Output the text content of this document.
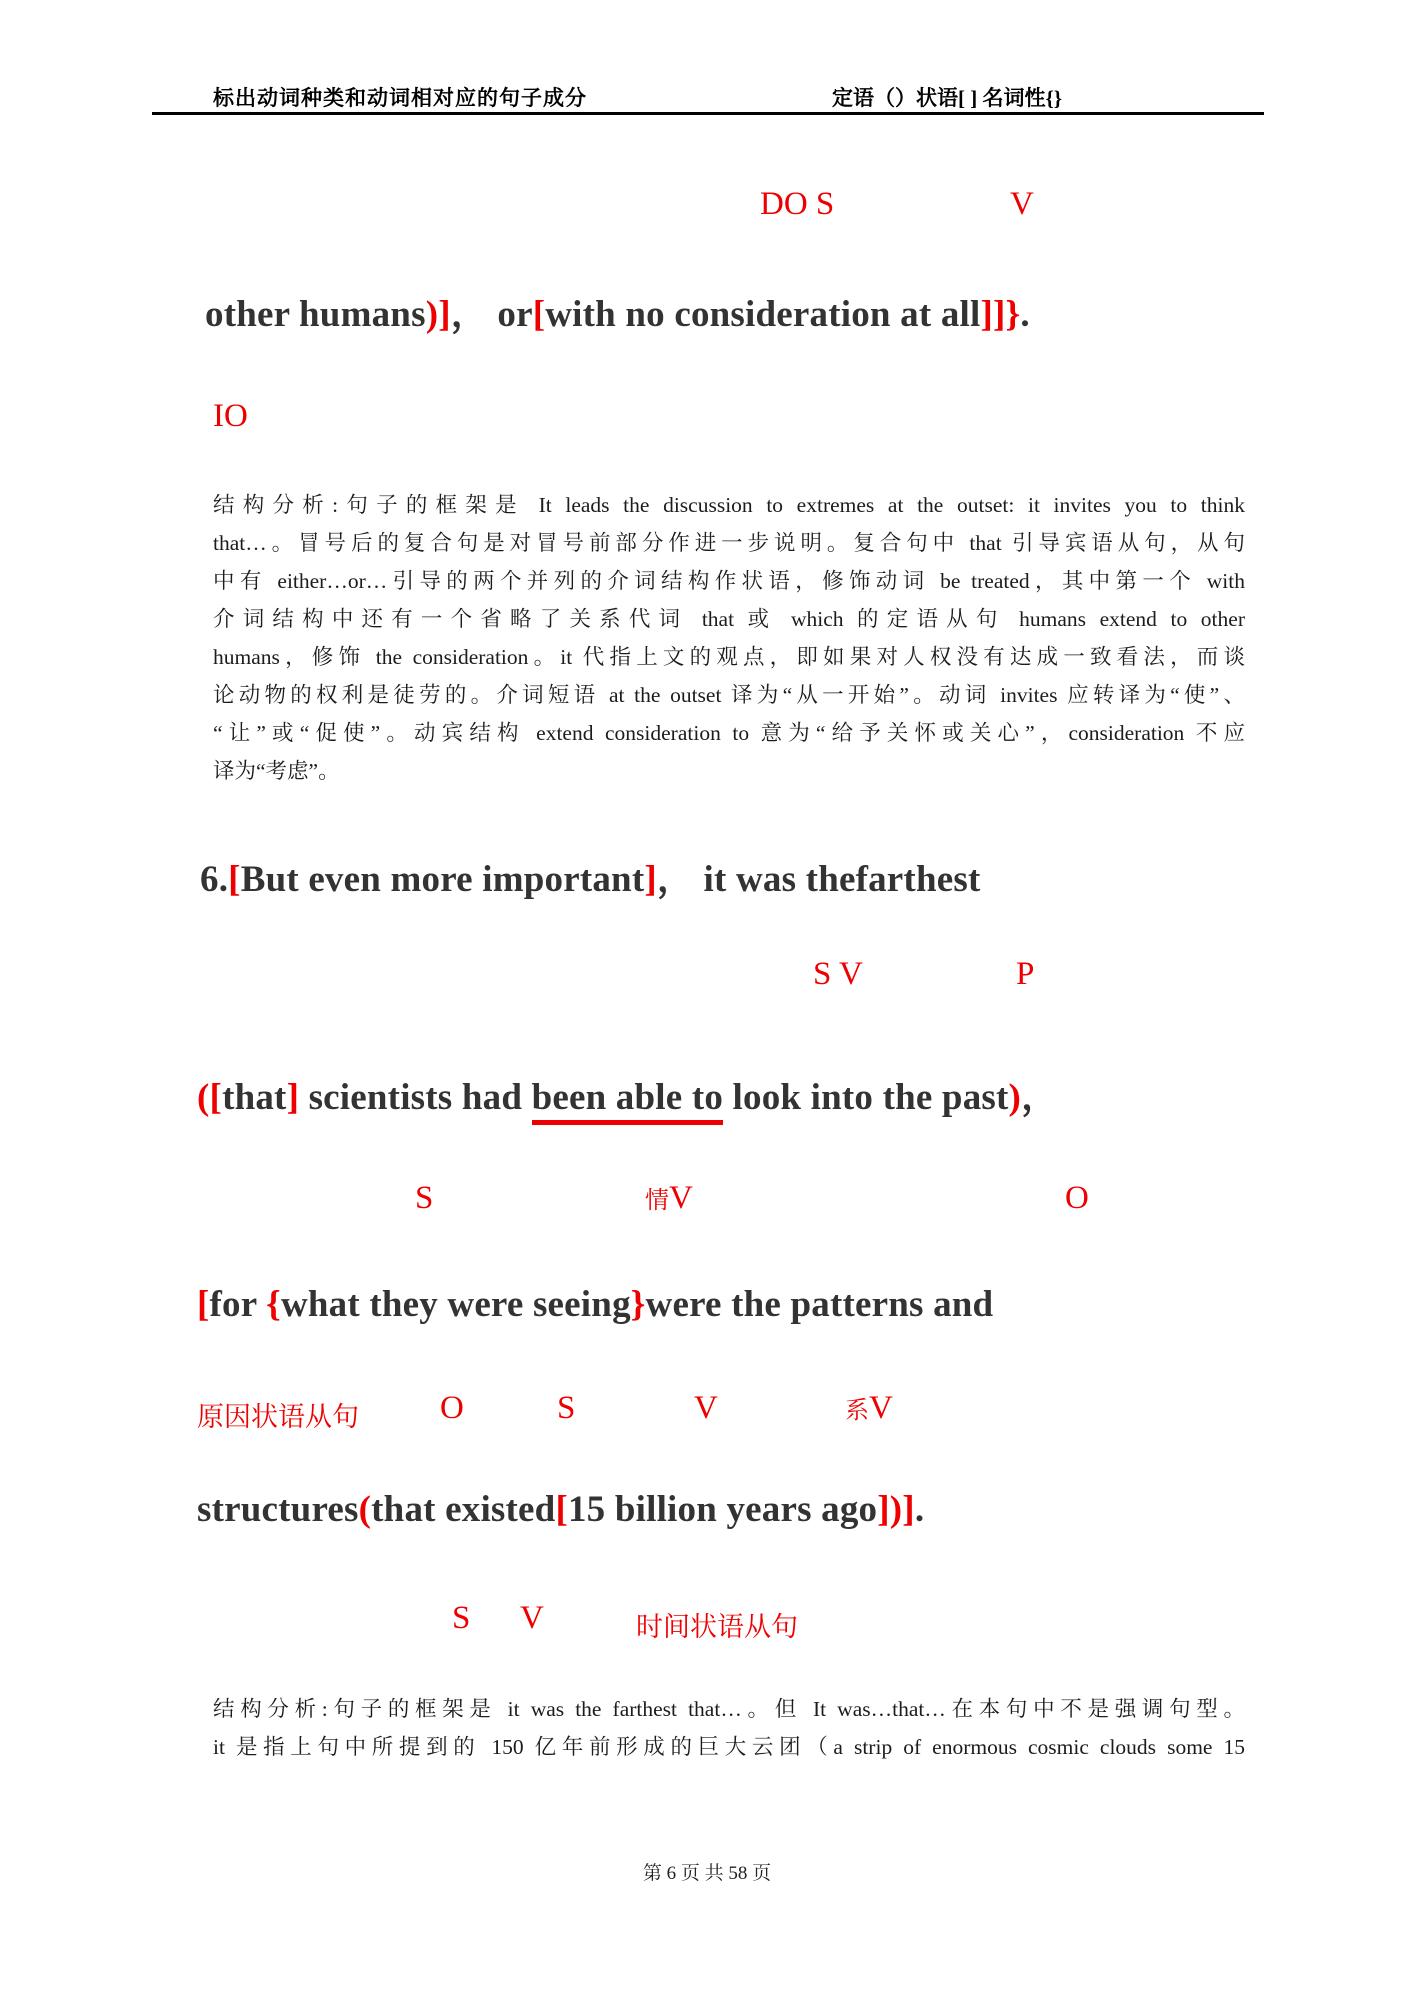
标出动词种类和动词相对应的句子成分	定语（）状语[ ] 名词性{}
DO S	V
other humans)]， or[with no consideration at all]]}.
IO
结构分析:句子的框架是 It leads the discussion to extremes at the outset: it invites you to think
that…。冒号后的复合句是对冒号前部分作进一步说明。复合句中 that 引导宾语从句，从句
中有 either…or…引导的两个并列的介词结构作状语，修饰动词 be treated，其中第一个 with
介词结构中还有一个省略了关系代词 that 或 which 的定语从句 humans extend to other
humans，修饰 the consideration。it 代指上文的观点，即如果对人权没有达成一致看法，而谈
论动物的权利是徒劳的。介词短语 at the outset 译为“从一开始”。动词 invites 应转译为“使”、
“让”或“促使”。动宾结构 extend consideration to 意为“给予关怀或关心”，consideration 不应
译为“考虑”。
6.[But even more important]， it was thefarthest
S V	P
([that] scientists had been able to look into the past)，
S	情V	O
[for {what they were seeing}were the patterns and
原因状语从句 O	S	V	系V
structures(that existed[15 billion years ago])].
S V	时间状语从句
结构分析:句子的框架是 it was the farthest that…。但 It was…that…在本句中不是强调句型。
it 是指上句中所提到的 150 亿年前形成的巨大云团（a strip of enormous cosmic clouds some 15
第 6 页 共 58 页
